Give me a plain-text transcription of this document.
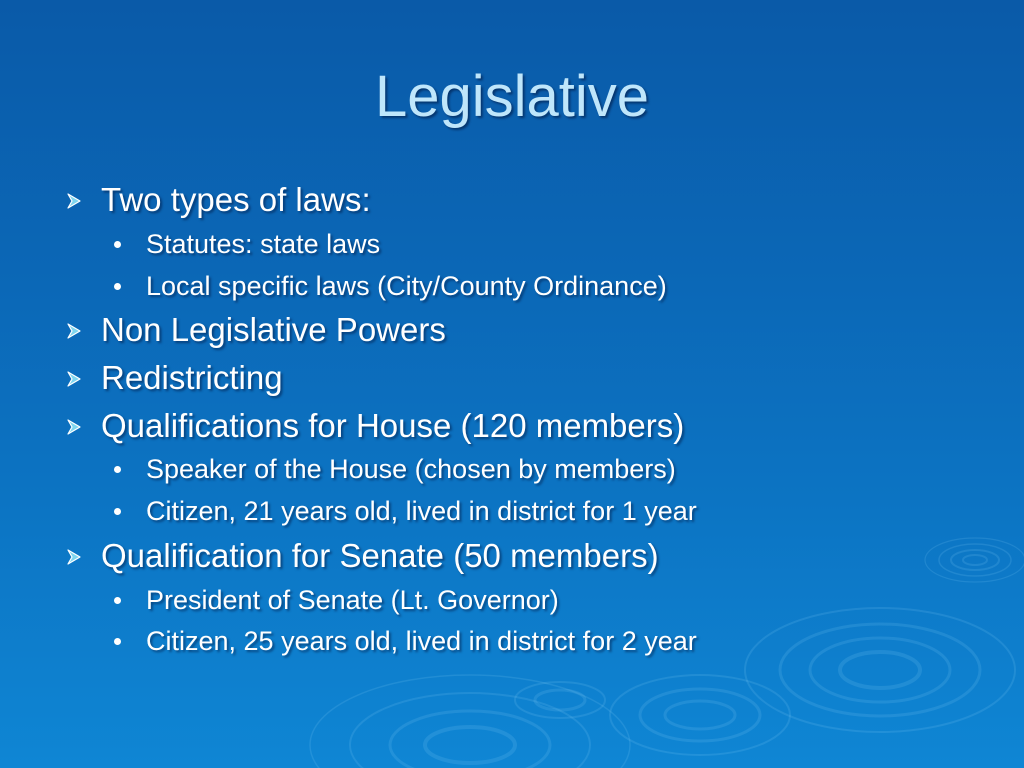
Legislative
Two types of laws:
Statutes: state laws
Local specific laws (City/County Ordinance)
Non Legislative Powers
Redistricting
Qualifications for House (120 members)
Speaker of the House (chosen by members)
Citizen, 21 years old, lived in district for 1 year
Qualification for Senate (50 members)
President of Senate (Lt. Governor)
Citizen, 25 years old, lived in district for 2 year
